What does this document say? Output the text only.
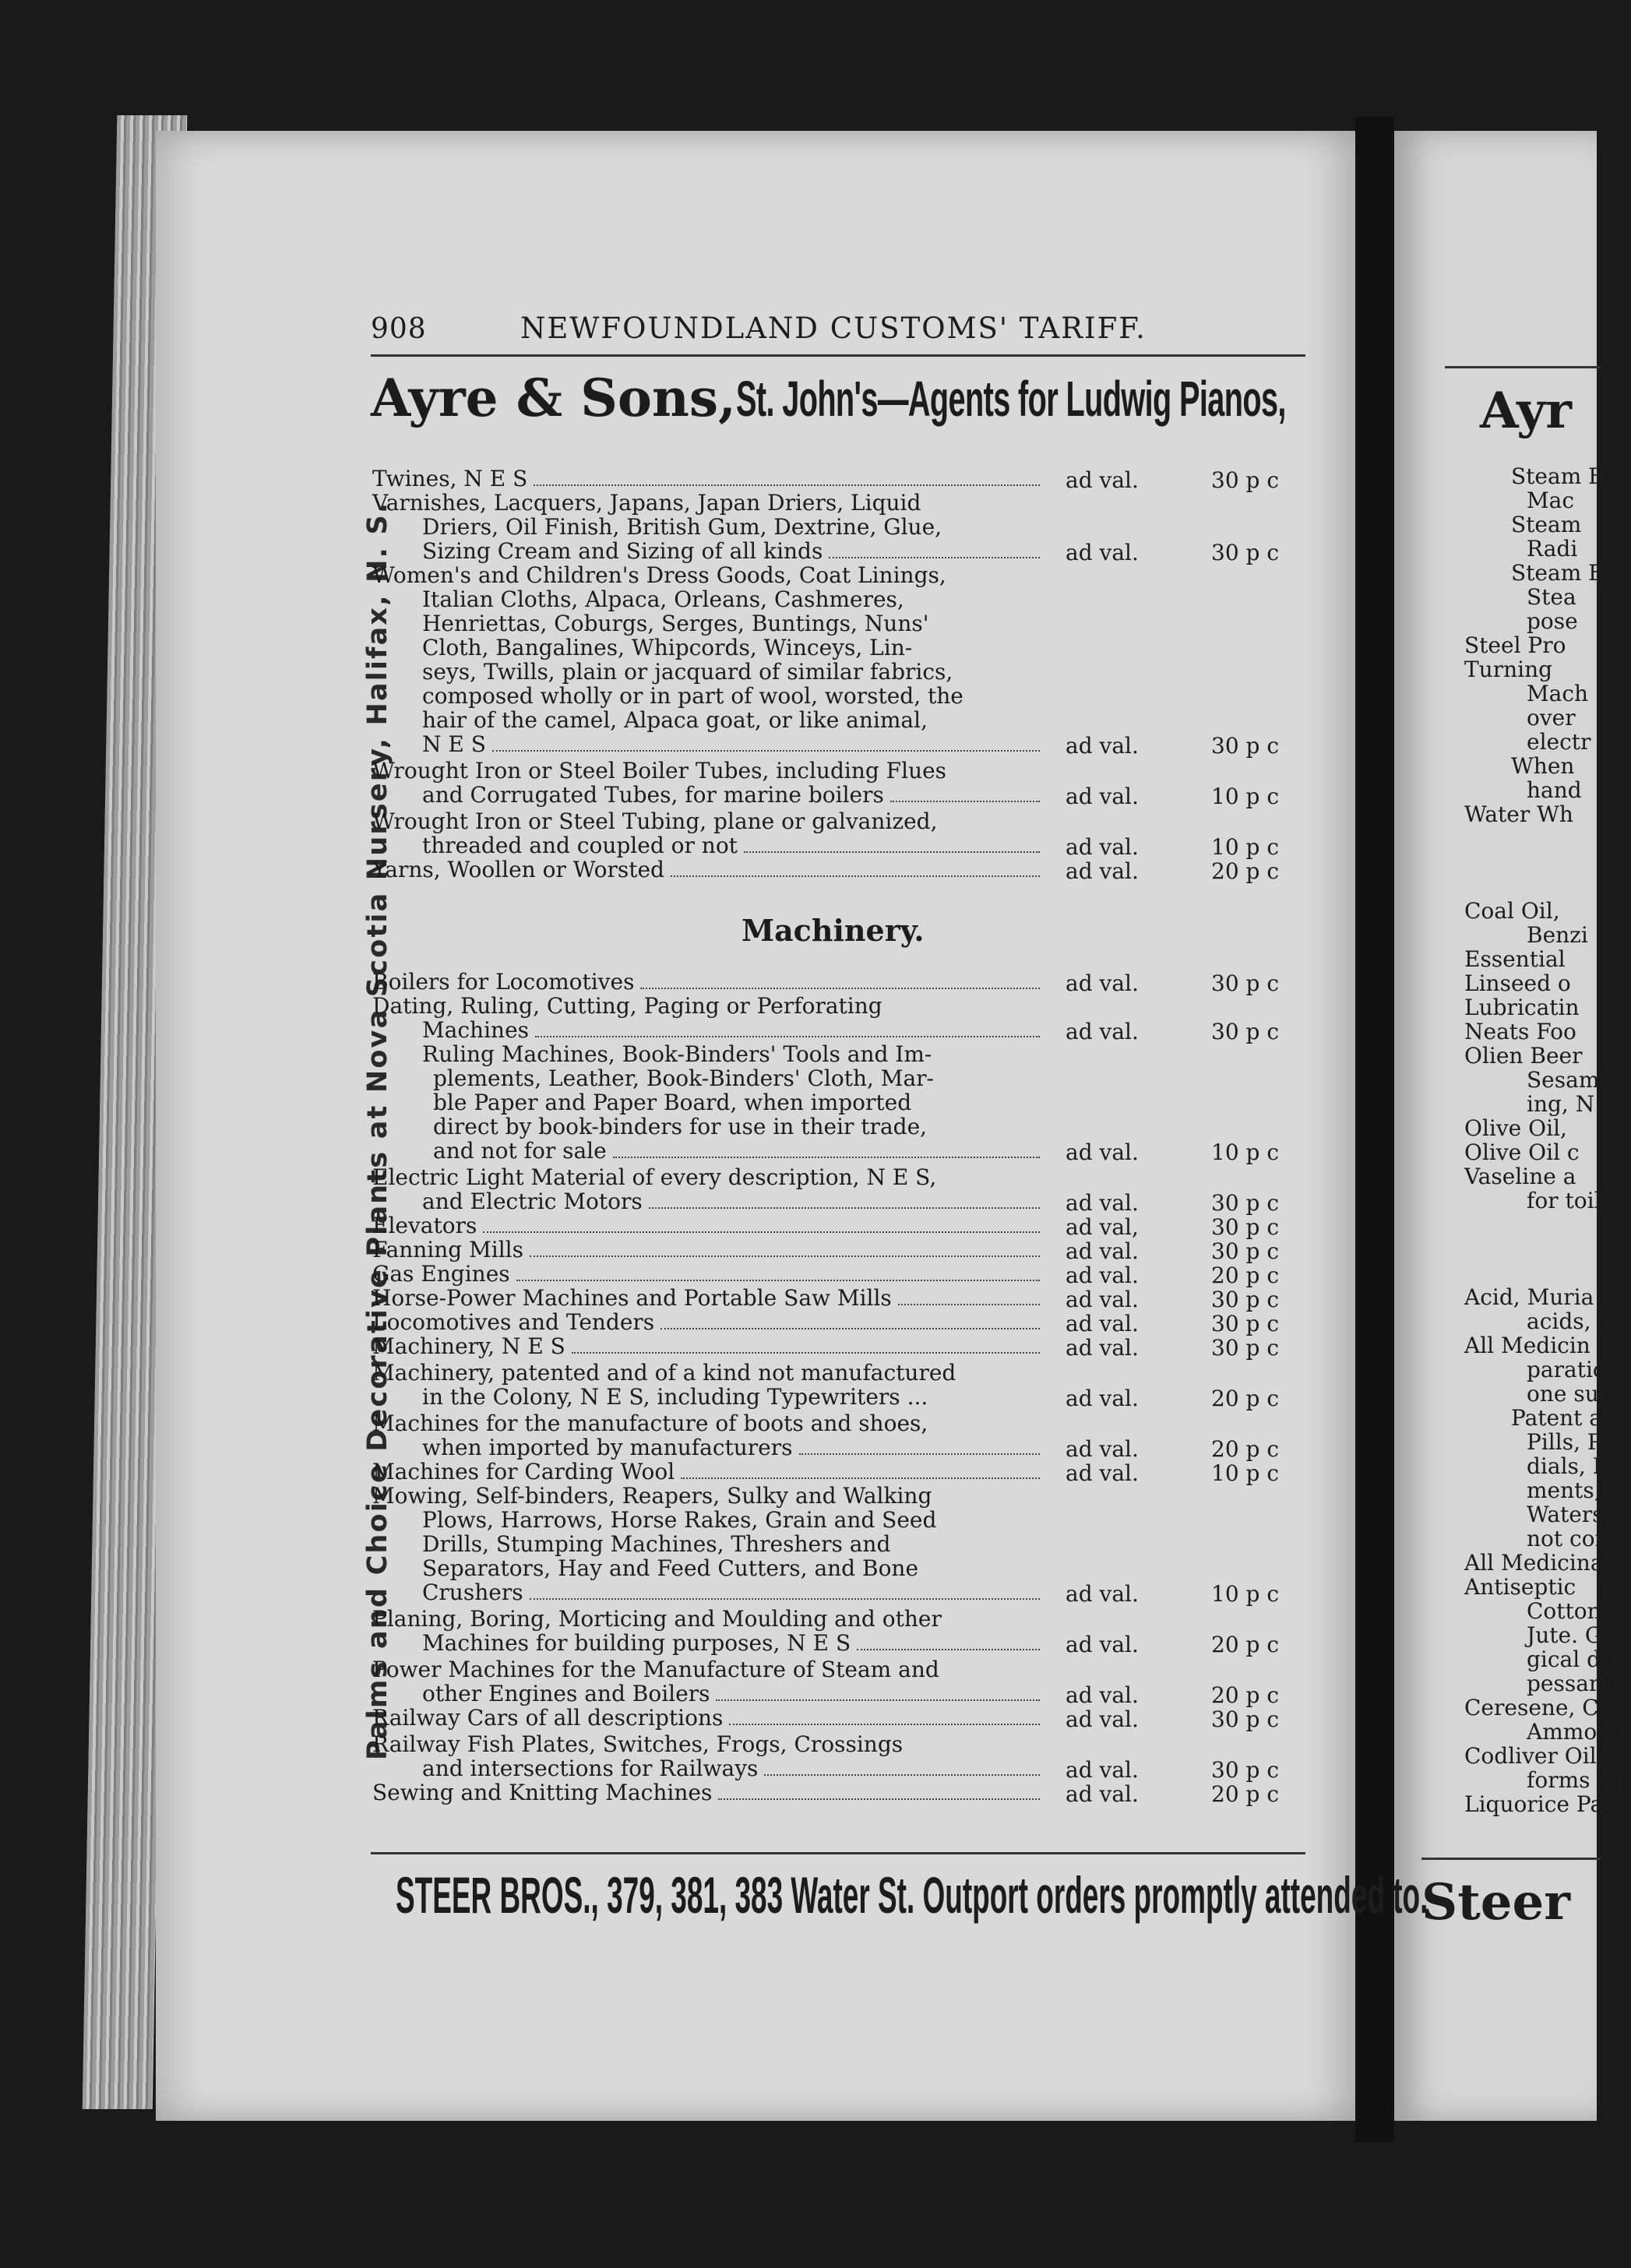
908	NEWFOUNDLAND CUSTOMS' TARIFF.
Ayre & Sons,St. John's—Agents for Ludwig Pianos,
Palms and Choice Decorative Plants at Nova Scotia Nursery, Halifax, N. S.
Twines, N E S	ad val.	30 p c
Varnishes, Lacquers, Japans, Japan Driers, Liquid
Driers, Oil Finish, British Gum, Dextrine, Glue,
Sizing Cream and Sizing of all kinds	ad val.	30 p c
Women's and Children's Dress Goods, Coat Linings,
Italian Cloths, Alpaca, Orleans, Cashmeres,
Henriettas, Coburgs, Serges, Buntings, Nuns'
Cloth, Bangalines, Whipcords, Winceys, Lin-
seys, Twills, plain or jacquard of similar fabrics,
composed wholly or in part of wool, worsted, the
hair of the camel, Alpaca goat, or like animal,
N E S	ad val.	30 p c
Wrought Iron or Steel Boiler Tubes, including Flues
and Corrugated Tubes, for marine boilers	ad val.	10 p c
Wrought Iron or Steel Tubing, plane or galvanized,
threaded and coupled or not	ad val.	10 p c
Yarns, Woollen or Worsted	ad val.	20 p c
Boilers for Locomotives	ad val.	30 p c
Dating, Ruling, Cutting, Paging or Perforating
Machines	ad val.	30 p c
Ruling Machines, Book-Binders' Tools and Im-
plements, Leather, Book-Binders' Cloth, Mar-
ble Paper and Paper Board, when imported
direct by book-binders for use in their trade,
and not for sale	ad val.	10 p c
Electric Light Material of every description, N E S,
and Electric Motors	ad val.	30 p c
Elevators	ad val,	30 p c
Fanning Mills	ad val.	30 p c
Gas Engines	ad val.	20 p c
Horse-Power Machines and Portable Saw Mills	ad val.	30 p c
Locomotives and Tenders	ad val.	30 p c
Machinery, N E S	ad val.	30 p c
Machinery, patented and of a kind not manufactured
in the Colony, N E S, including Typewriters ...	ad val.	20 p c
Machines for the manufacture of boots and shoes,
when imported by manufacturers	ad val.	20 p c
Machines for Carding Wool	ad val.	10 p c
Mowing, Self-binders, Reapers, Sulky and Walking
Plows, Harrows, Horse Rakes, Grain and Seed
Drills, Stumping Machines, Threshers and
Separators, Hay and Feed Cutters, and Bone
Crushers	ad val.	10 p c
Planing, Boring, Morticing and Moulding and other
Machines for building purposes, N E S	ad val.	20 p c
Power Machines for the Manufacture of Steam and
other Engines and Boilers	ad val.	20 p c
Railway Cars of all descriptions	ad val.	30 p c
Railway Fish Plates, Switches, Frogs, Crossings
and intersections for Railways	ad val.	30 p c
Sewing and Knitting Machines	ad val.	20 p c
Machinery.
STEER BROS., 379, 381, 383 Water St. Outport orders promptly attended to.
Ayr
Steam B
Mac
Steam
Radi
Steam E
Stea
pose
Steel Pro
Turning
Mach
over
electr
When
hand
Water Wh
Coal Oil,
Benzi
Essential
Linseed o
Lubricatin
Neats Foo
Olien Beer
Sesam
ing, N
Olive Oil,
Olive Oil c
Vaseline a
for toil
Acid, Muria
acids, N
All Medicin
paratio
one sub
Patent an
Pills, P
dials, B
ments,
Waters,
not cont
All Medicina
Antiseptic
Cotton,
Jute. Ga
gical dre
pessaries
Ceresene, C
Ammoni
Codliver Oil
forms a p
Liquorice Pa
Steer
